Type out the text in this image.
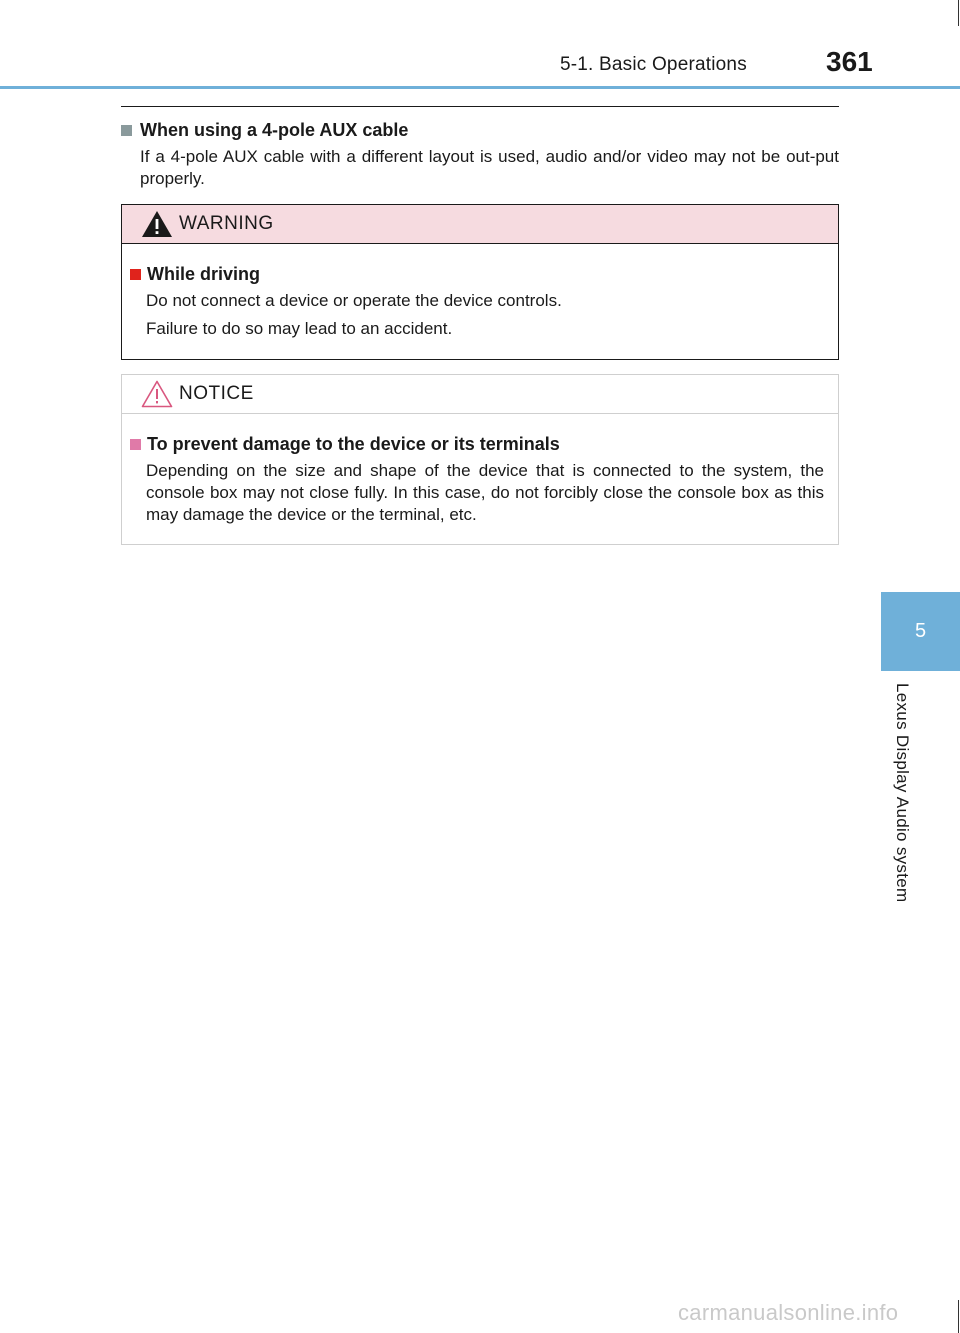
5-1. Basic Operations	361
When using a 4-pole AUX cable
If a 4-pole AUX cable with a different layout is used, audio and/or video may not be out-put properly.
WARNING
While driving

Do not connect a device or operate the device controls.

Failure to do so may lead to an accident.

NOTICE
To prevent damage to the device or its terminals
Depending on the size and shape of the device that is connected to the system, the console box may not close fully. In this case, do not forcibly close the console box as this may damage the device or the terminal, etc.
5
Lexus Display Audio system
carmanualsonline.info
